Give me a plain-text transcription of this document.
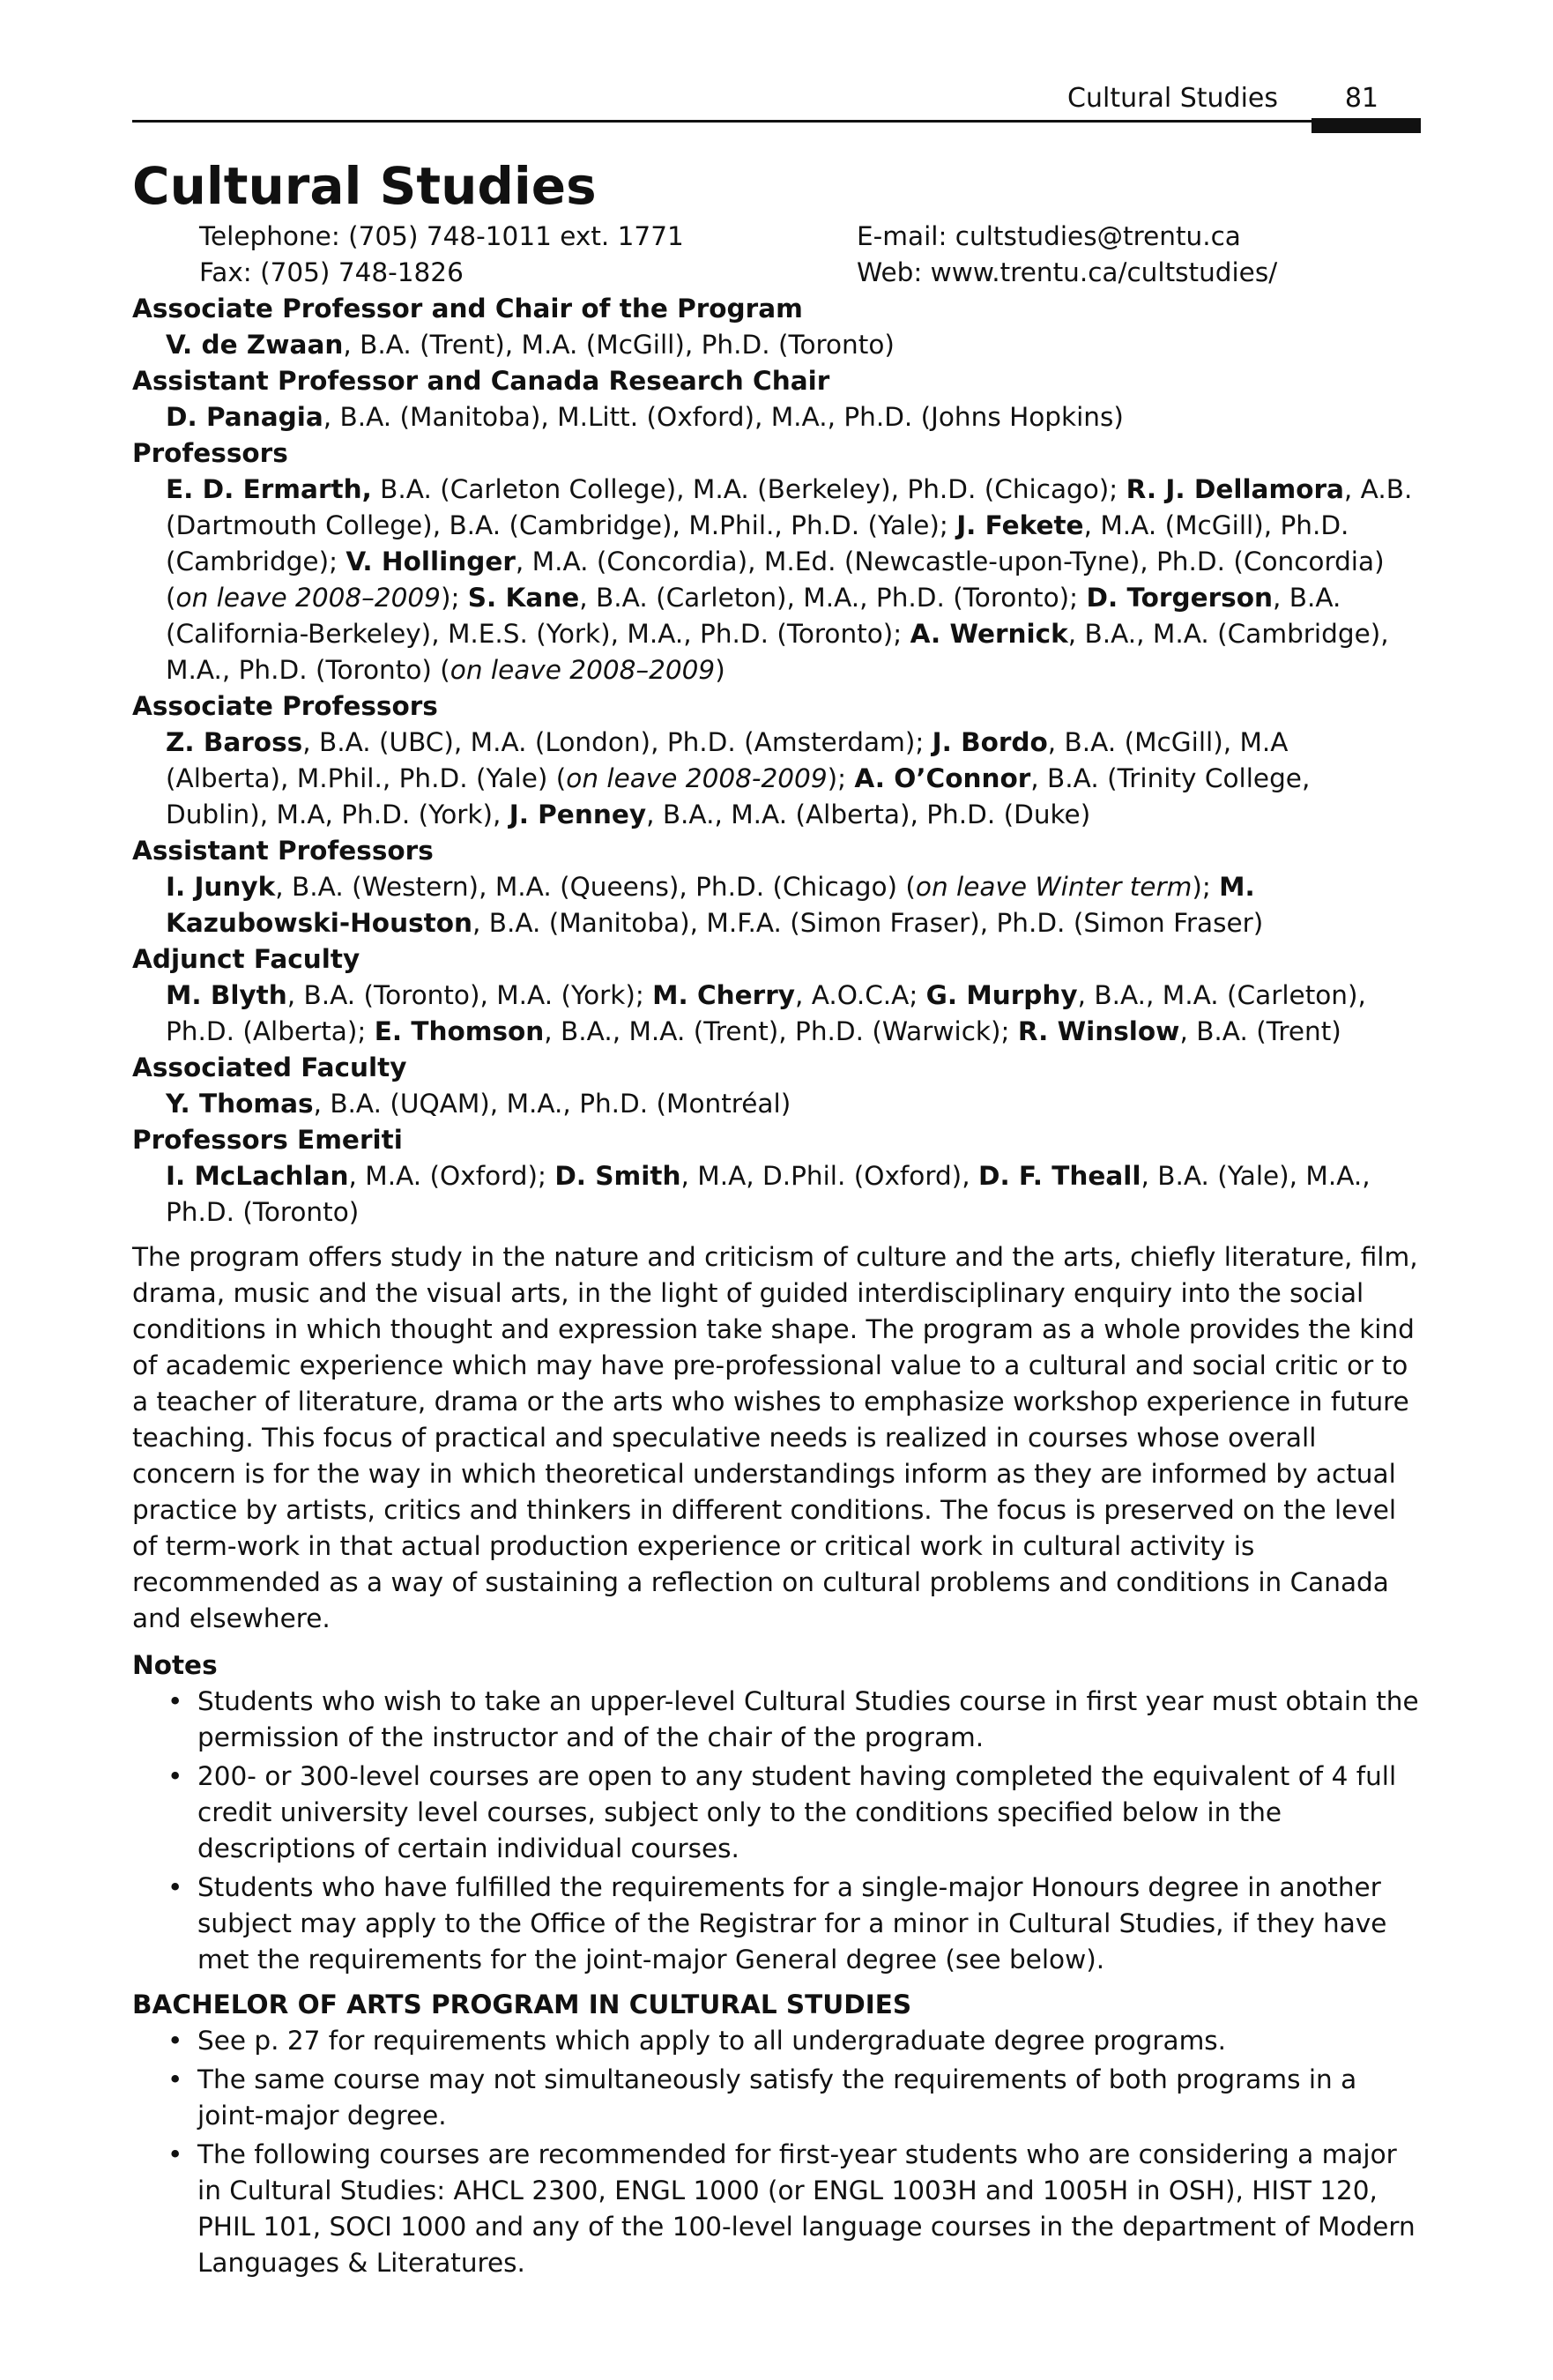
Cultural Studies	81
Cultural Studies
Telephone: (705) 748-1011 ext. 1771
Fax: (705) 748-1826
E-mail: cultstudies@trentu.ca
Web: www.trentu.ca/cultstudies/
Associate Professor and Chair of the Program
V. de Zwaan, B.A. (Trent), M.A. (McGill), Ph.D. (Toronto)
Assistant Professor and Canada Research Chair
D. Panagia, B.A. (Manitoba), M.Litt. (Oxford), M.A., Ph.D. (Johns Hopkins)
Professors
E. D. Ermarth, B.A. (Carleton College), M.A. (Berkeley), Ph.D. (Chicago); R. J. Dellamora, A.B. (Dartmouth College), B.A. (Cambridge), M.Phil., Ph.D. (Yale); J. Fekete, M.A. (McGill), Ph.D. (Cambridge); V. Hollinger, M.A. (Concordia), M.Ed. (Newcastle-upon-Tyne), Ph.D. (Concordia) (on leave 2008–2009); S. Kane, B.A. (Carleton), M.A., Ph.D. (Toronto); D. Torgerson, B.A. (California-Berkeley), M.E.S. (York), M.A., Ph.D. (Toronto); A. Wernick, B.A., M.A. (Cambridge), M.A., Ph.D. (Toronto) (on leave 2008–2009)
Associate Professors
Z. Baross, B.A. (UBC), M.A. (London), Ph.D. (Amsterdam); J. Bordo, B.A. (McGill), M.A (Alberta), M.Phil., Ph.D. (Yale) (on leave 2008-2009); A. O’Connor, B.A. (Trinity College, Dublin), M.A, Ph.D. (York), J. Penney, B.A., M.A. (Alberta), Ph.D. (Duke)
Assistant Professors
I. Junyk, B.A. (Western), M.A. (Queens), Ph.D. (Chicago) (on leave Winter term); M. Kazubowski-Houston, B.A. (Manitoba), M.F.A. (Simon Fraser), Ph.D. (Simon Fraser)
Adjunct Faculty
M. Blyth, B.A. (Toronto), M.A. (York); M. Cherry, A.O.C.A; G. Murphy, B.A., M.A. (Carleton), Ph.D. (Alberta); E. Thomson, B.A., M.A. (Trent), Ph.D. (Warwick); R. Winslow, B.A. (Trent)
Associated Faculty
Y. Thomas, B.A. (UQAM), M.A., Ph.D. (Montréal)
Professors Emeriti
I. McLachlan, M.A. (Oxford); D. Smith, M.A, D.Phil. (Oxford), D. F. Theall, B.A. (Yale), M.A., Ph.D. (Toronto)
The program offers study in the nature and criticism of culture and the arts, chiefly literature, film, drama, music and the visual arts, in the light of guided interdisciplinary enquiry into the social conditions in which thought and expression take shape. The program as a whole provides the kind of academic experience which may have pre-professional value to a cultural and social critic or to a teacher of literature, drama or the arts who wishes to emphasize workshop experience in future teaching. This focus of practical and speculative needs is realized in courses whose overall concern is for the way in which theoretical understandings inform as they are informed by actual practice by artists, critics and thinkers in different conditions. The focus is preserved on the level of term-work in that actual production experience or critical work in cultural activity is recommended as a way of sustaining a reflection on cultural problems and conditions in Canada and elsewhere.
Notes
• Students who wish to take an upper-level Cultural Studies course in first year must obtain the permission of the instructor and of the chair of the program.
• 200- or 300-level courses are open to any student having completed the equivalent of 4 full credit university level courses, subject only to the conditions specified below in the descriptions of certain individual courses.
• Students who have fulfilled the requirements for a single-major Honours degree in another subject may apply to the Office of the Registrar for a minor in Cultural Studies, if they have met the requirements for the joint-major General degree (see below).
BACHELOR OF ARTS PROGRAM IN CULTURAL STUDIES
• See p. 27 for requirements which apply to all undergraduate degree programs.
• The same course may not simultaneously satisfy the requirements of both programs in a joint-major degree.
• The following courses are recommended for first-year students who are considering a major in Cultural Studies: AHCL 2300, ENGL 1000 (or ENGL 1003H and 1005H in OSH), HIST 120, PHIL 101, SOCI 1000 and any of the 100-level language courses in the department of Modern Languages & Literatures.
